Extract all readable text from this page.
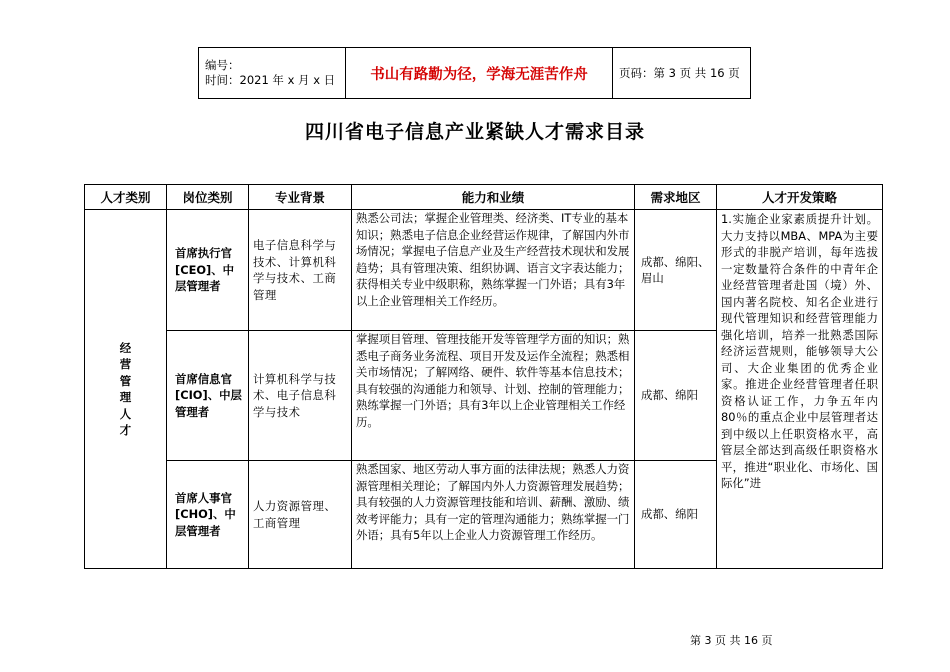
编号：
时间：2021 年 x 月 x 日	书山有路勤为径，学海无涯苦作舟	页码：第 3 页 共 16 页
四川省电子信息产业紧缺人才需求目录
人才类别	岗位类别	专业背景	能力和业绩	需求地区	人才开发策略
经营管理人才	首席执行官[CEO]、中层管理者	电子信息科学与技术、计算机科学与技术、工商管理	熟悉公司法；掌握企业管理类、经济类、IT专业的基本知识；熟悉电子信息企业经营运作规律，了解国内外市场情况；掌握电子信息产业及生产经营技术现状和发展趋势；具有管理决策、组织协调、语言文字表达能力；获得相关专业中级职称，熟练掌握一门外语；具有3年以上企业管理相关工作经历。	成都、绵阳、眉山	1.实施企业家素质提升计划。大力支持以MBA、MPA为主要形式的非脱产培训，每年选拔一定数量符合条件的中青年企业经营管理者赴国（境）外、国内著名院校、知名企业进行现代管理知识和经营管理能力强化培训，培养一批熟悉国际经济运营规则，能够领导大公司、大企业集团的优秀企业家。推进企业经营管理者任职资格认证工作，力争五年内80％的重点企业中层管理者达到中级以上任职资格水平，高管层全部达到高级任职资格水平，推进“职业化、市场化、国际化”进

	首席信息官[CIO]、中层管理者	计算机科学与技术、电子信息科学与技术	掌握项目管理、管理技能开发等管理学方面的知识；熟悉电子商务业务流程、项目开发及运作全流程；熟悉相关市场情况；了解网络、硬件、软件等基本信息技术；具有较强的沟通能力和领导、计划、控制的管理能力；熟练掌握一门外语；具有3年以上企业管理相关工作经历。	成都、绵阳	
	首席人事官[CHO]、中层管理者	人力资源管理、工商管理	熟悉国家、地区劳动人事方面的法律法规；熟悉人力资源管理相关理论；了解国内外人力资源管理发展趋势；具有较强的人力资源管理技能和培训、薪酬、激励、绩效考评能力；具有一定的管理沟通能力；熟练掌握一门外语；具有5年以上企业人力资源管理工作经历。	成都、绵阳	
第 3 页 共 16 页
